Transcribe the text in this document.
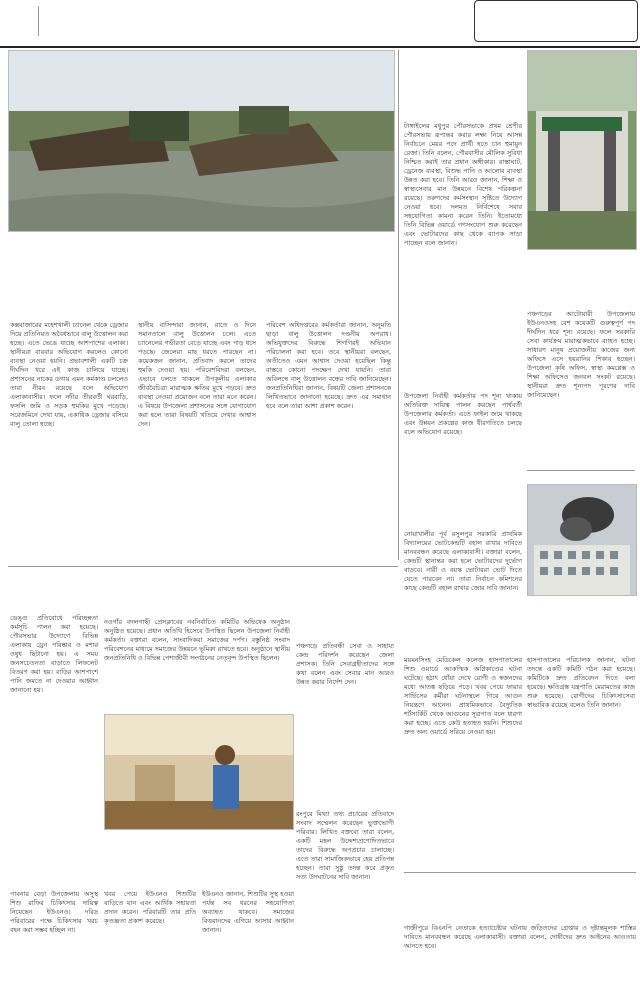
কক্সবাজারের মহেশখালী চ্যানেল থেকে ড্রেজার দিয়ে প্রতিনিয়ত অবৈধভাবে বালু উত্তোলন করা হচ্ছে। এতে ভেঙে যাচ্ছে আশপাশের এলাকা। স্থানীয়রা বারবার অভিযোগ করলেও কোনো ব্যবস্থা নেওয়া হয়নি। প্রভাবশালী একটি চক্র দীর্ঘদিন ধরে এই কাজ চালিয়ে যাচ্ছে। প্রশাসনের নাকের ডগায় এমন কর্মকাণ্ড চললেও তারা নীরব রয়েছে বলে অভিযোগ এলাকাবাসীর। ফলে নদীর তীরবর্তী ঘরবাড়ি, ফসলি জমি ও সড়ক হুমকির মুখে পড়েছে। সরেজমিনে দেখা যায়, একাধিক ড্রেজার বসিয়ে বালু তোলা হচ্ছে।
স্থানীয় বাসিন্দারা জানান, রাতে ও দিনে সমানতালে বালু উত্তোলন চলে। এতে চ্যানেলের গভীরতা বেড়ে যাচ্ছে এবং পাড় ধসে পড়ছে। জেলেরা মাছ ধরতে পারছেন না। কয়েকজন জানান, প্রতিবাদ করলে তাদের হুমকি দেওয়া হয়। পরিবেশবিদরা বলছেন, এভাবে চলতে থাকলে উপকূলীয় এলাকার জীববৈচিত্র্য মারাত্মক ক্ষতির মুখে পড়বে। দ্রুত ব্যবস্থা নেওয়া প্রয়োজন বলে তারা মনে করেন। এ বিষয়ে উপজেলা প্রশাসনের সঙ্গে যোগাযোগ করা হলে তারা বিষয়টি খতিয়ে দেখার আশ্বাস দেন।
পরিবেশ অধিদপ্তরের কর্মকর্তারা জানান, অনুমতি ছাড়া বালু উত্তোলন দণ্ডনীয় অপরাধ। অভিযুক্তদের বিরুদ্ধে শিগগিরই অভিযান পরিচালনা করা হবে। তবে স্থানীয়রা বলছেন, অতীতেও এমন আশ্বাস দেওয়া হয়েছিল কিন্তু বাস্তবে কোনো পদক্ষেপ দেখা যায়নি। তারা অবিলম্বে বালু উত্তোলন বন্ধের দাবি জানিয়েছেন। জনপ্রতিনিধিরা জানান, বিষয়টি জেলা প্রশাসনকে লিখিতভাবে জানানো হয়েছে। দ্রুত এর সমাধান হবে বলে তারা আশা প্রকাশ করেন।
টাঙ্গাইলের মধুপুর পৌরসভাকে প্রথম শ্রেণীর পৌরসভায় রূপান্তর করার লক্ষ্য নিয়ে আসন্ন নির্বাচনে মেয়র পদে প্রার্থী হতে চান হুমায়ুন রেজা। তিনি বলেন, পৌরবাসীর মৌলিক সুবিধা নিশ্চিত করাই তার প্রধান অঙ্গীকার। রাস্তাঘাট, ড্রেনেজ ব্যবস্থা, বিশুদ্ধ পানি ও আলোর ব্যবস্থা উন্নত করা হবে। তিনি আরও জানান, শিক্ষা ও স্বাস্থ্যসেবার মান উন্নয়নে বিশেষ পরিকল্পনা রয়েছে। তরুণদের কর্মসংস্থান সৃষ্টিতে উদ্যোগ নেওয়া হবে। দলমত নির্বিশেষে সবার সহযোগিতা কামনা করেন তিনি। ইতোমধ্যে তিনি বিভিন্ন ওয়ার্ডে গণসংযোগ শুরু করেছেন এবং ভোটারদের কাছ থেকে ব্যাপক সাড়া পাচ্ছেন বলে জানান।
পঞ্চগড়ের আটোয়ারী উপজেলায় ইউএনওসহ বেশ কয়েকটি গুরুত্বপূর্ণ পদ দীর্ঘদিন ধরে শূন্য রয়েছে। ফলে সরকারি সেবা কার্যক্রম মারাত্মকভাবে ব্যাহত হচ্ছে। সাধারণ মানুষ প্রয়োজনীয় কাজের জন্য অফিসে এসে হয়রানির শিকার হচ্ছেন। উপজেলা কৃষি অফিস, স্বাস্থ্য কমপ্লেক্স ও শিক্ষা অফিসেও জনবল সংকট রয়েছে। স্থানীয়রা দ্রুত শূন্যপদ পূরণের দাবি জানিয়েছেন।
উপজেলা নির্বাহী কর্মকর্তার পদ শূন্য থাকায় অতিরিক্ত দায়িত্ব পালন করছেন পার্শ্ববর্তী উপজেলার কর্মকর্তা। এতে ফাইল জমে থাকছে এবং উন্নয়ন প্রকল্পের কাজ ধীরগতিতে চলছে বলে অভিযোগ রয়েছে।
নোয়াখালীর পূর্ব রসুলপুর সরকারি প্রাথমিক বিদ্যালয়ের ভোটকেন্দ্রটি বহাল রাখার দাবিতে মানববন্ধন করেছে এলাকাবাসী। বক্তারা বলেন, কেন্দ্রটি স্থানান্তর করা হলে ভোটারদের দুর্ভোগ বাড়বে। নারী ও বয়স্ক ভোটাররা ভোট দিতে যেতে পারবেন না। তারা নির্বাচন কমিশনের কাছে কেন্দ্রটি বহাল রাখার জোর দাবি জানান।
ময়মনসিংহ মেডিকেল কলেজ হাসপাতালের শিশু ওয়ার্ডে আকস্মিক অগ্নিকাণ্ডের ঘটনা ঘটেছে। হঠাৎ ধোঁয়া দেখে রোগী ও স্বজনদের মধ্যে আতঙ্ক ছড়িয়ে পড়ে। খবর পেয়ে ফায়ার সার্ভিসের কর্মীরা ঘটনাস্থলে গিয়ে আগুন নিয়ন্ত্রণে আনেন। প্রাথমিকভাবে বৈদ্যুতিক শর্টসার্কিট থেকে আগুনের সূত্রপাত বলে ধারণা করা হচ্ছে। এতে কেউ হতাহত হয়নি। শিশুদের দ্রুত অন্য ওয়ার্ডে সরিয়ে নেওয়া হয়।
হাসপাতালের পরিচালক জানান, ঘটনা তদন্তে একটি কমিটি গঠন করা হয়েছে। কমিটিকে দ্রুত প্রতিবেদন দিতে বলা হয়েছে। ক্ষতিগ্রস্ত যন্ত্রপাতি মেরামতের কাজ শুরু হয়েছে। রোগীদের চিকিৎসাসেবা স্বাভাবিক রয়েছে বলেও তিনি জানান।
ডেঙ্গু প্রতিরোধে পরিচ্ছন্নতা কর্মসূচি পালন করা হয়েছে। পৌরসভার উদ্যোগে বিভিন্ন এলাকায় ড্রেন পরিষ্কার ও মশার ওষুধ ছিটানো হয়। এ সময় জনসচেতনতা বাড়াতে লিফলেট বিতরণ করা হয়। বাড়ির আশপাশে পানি জমতে না দেওয়ার আহ্বান জানানো হয়।
নওগাঁর বদলগাছী প্রেসক্লাবের নবনির্বাচিত কমিটির অভিষেক অনুষ্ঠান অনুষ্ঠিত হয়েছে। প্রধান অতিথি হিসেবে উপস্থিত ছিলেন উপজেলা নির্বাহী কর্মকর্তা। বক্তারা বলেন, সাংবাদিকরা সমাজের দর্পণ। বস্তুনিষ্ঠ সংবাদ পরিবেশনের মাধ্যমে সমাজের উন্নয়নে ভূমিকা রাখতে হবে। অনুষ্ঠানে স্থানীয় জনপ্রতিনিধি ও বিভিন্ন পেশাজীবী সংগঠনের নেতৃবৃন্দ উপস্থিত ছিলেন।
পঞ্চগড়ে প্রতিবন্ধী সেবা ও সাহায্য কেন্দ্র পরিদর্শন করেছেন জেলা প্রশাসক। তিনি সেবাগ্রহীতাদের সঙ্গে কথা বলেন এবং সেবার মান আরও উন্নত করার নির্দেশ দেন।
পাবনার বেড়া উপজেলায় অসুস্থ শিশু রাফির চিকিৎসার দায়িত্ব নিয়েছেন ইউএনও। দরিদ্র পরিবারের পক্ষে চিকিৎসার খরচ বহন করা সম্ভব হচ্ছিল না।
খবর পেয়ে ইউএনও শিশুটির বাড়িতে যান এবং আর্থিক সহায়তা প্রদান করেন। পরিবারটি তার প্রতি কৃতজ্ঞতা প্রকাশ করেছে।
ইউএনও জানান, শিশুটির সুস্থ হওয়া পর্যন্ত সব ধরনের সহযোগিতা অব্যাহত থাকবে। সমাজের বিত্তবানদের এগিয়ে আসার আহ্বান জানান।
রংপুরে মিথ্যা তথ্য প্রচারের প্রতিবাদে সংবাদ সম্মেলন করেছেন ভুক্তভোগী পরিবার। লিখিত বক্তব্যে তারা বলেন, একটি মহল উদ্দেশ্যপ্রণোদিতভাবে তাদের বিরুদ্ধে অপপ্রচার চালাচ্ছে। এতে তারা সামাজিকভাবে হেয় প্রতিপন্ন হচ্ছেন। তারা সুষ্ঠু তদন্ত করে প্রকৃত সত্য উদঘাটনের দাবি জানান।
গাজীপুরে বিএনপি নেতাকে হত্যাচেষ্টার ঘটনায় জড়িতদের গ্রেপ্তার ও দৃষ্টান্তমূলক শাস্তির দাবিতে মানববন্ধন করেছে এলাকাবাসী। বক্তারা বলেন, দোষীদের দ্রুত আইনের আওতায় আনতে হবে।
